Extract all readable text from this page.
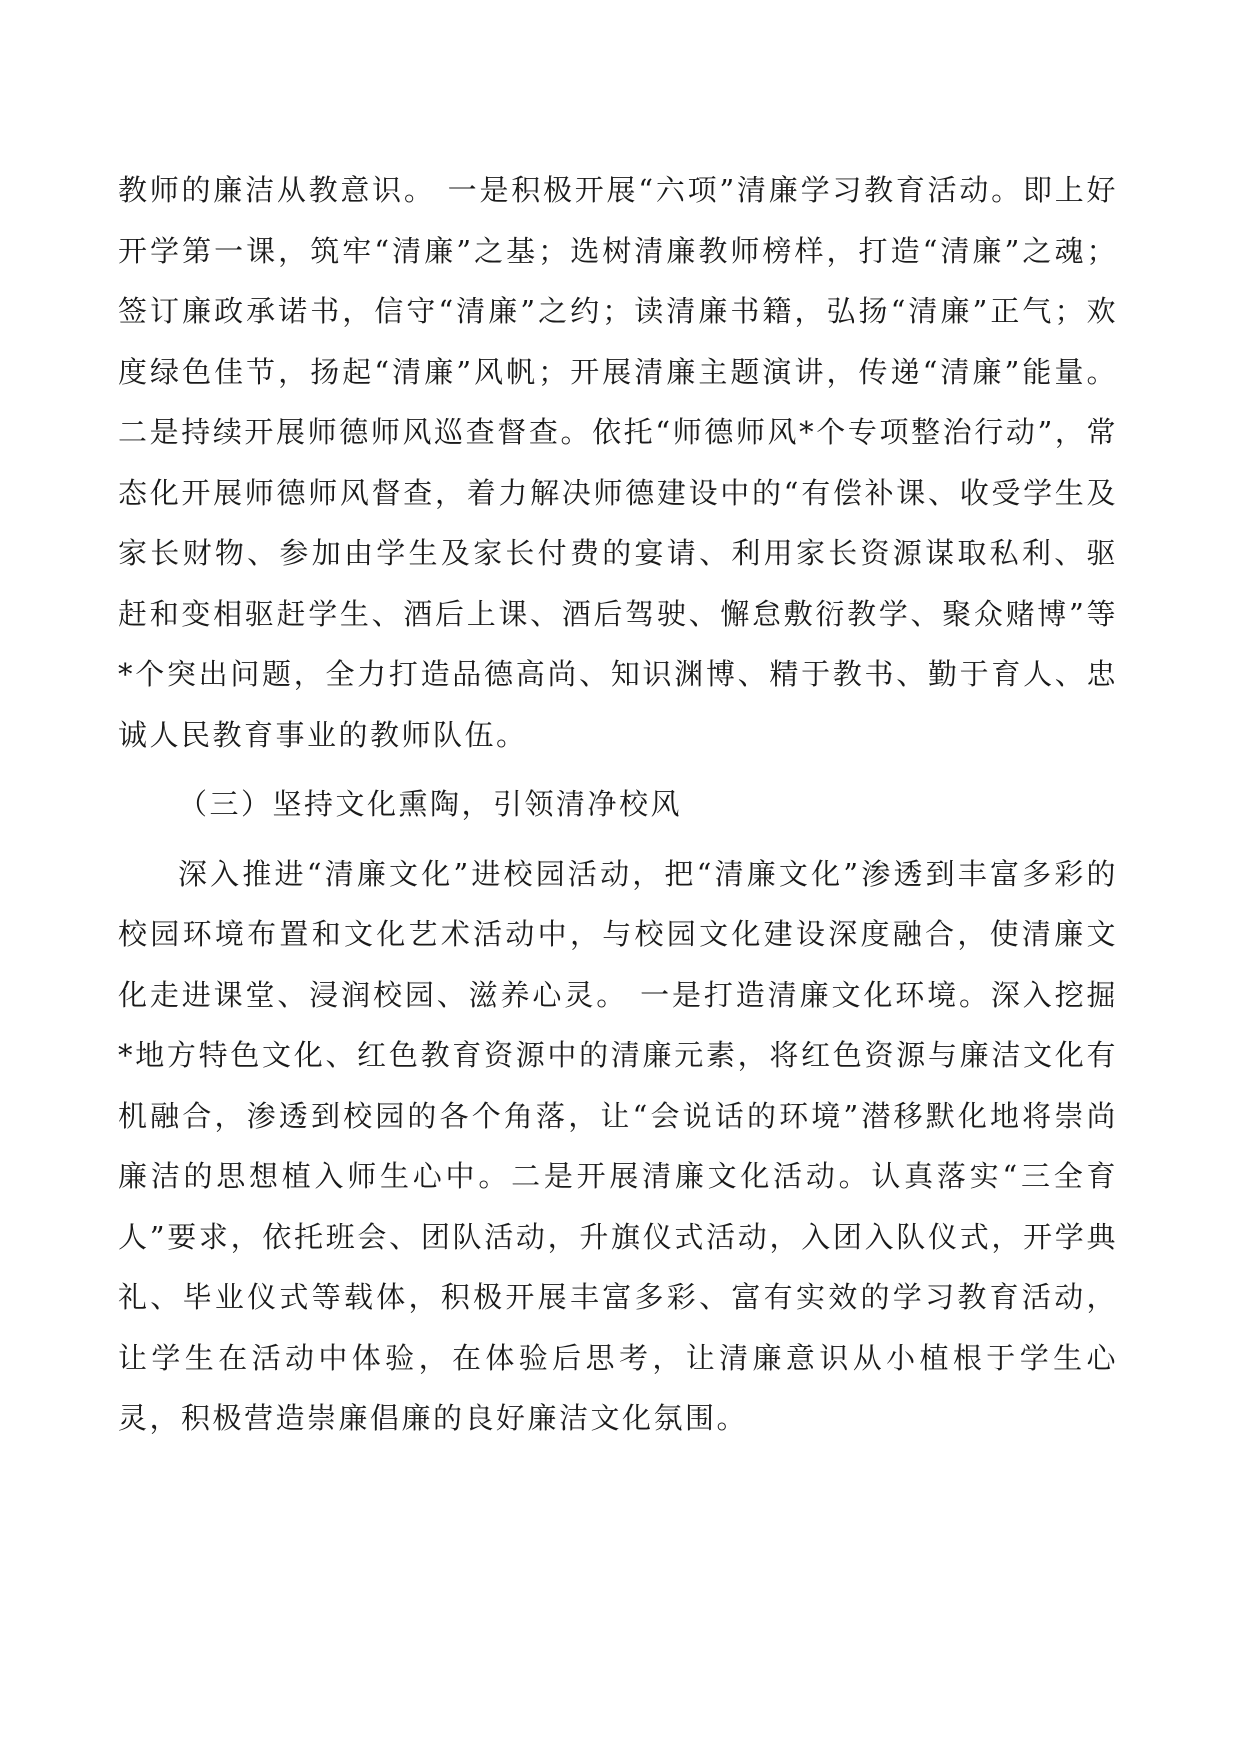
教师的廉洁从教意识。 一是积极开展“六项”清廉学习教育活动。即上好开学第一课，筑牢“清廉”之基；选树清廉教师榜样，打造“清廉”之魂；签订廉政承诺书，信守“清廉”之约；读清廉书籍，弘扬“清廉”正气；欢度绿色佳节，扬起“清廉”风帆；开展清廉主题演讲，传递“清廉”能量。二是持续开展师德师风巡查督查。依托“师德师风*个专项整治行动”，常态化开展师德师风督查，着力解决师德建设中的“有偿补课、收受学生及家长财物、参加由学生及家长付费的宴请、利用家长资源谋取私利、驱赶和变相驱赶学生、酒后上课、酒后驾驶、懈怠敷衍教学、聚众赌博”等*个突出问题，全力打造品德高尚、知识渊博、精于教书、勤于育人、忠诚人民教育事业的教师队伍。

（三）坚持文化熏陶，引领清净校风

深入推进“清廉文化”进校园活动，把“清廉文化”渗透到丰富多彩的校园环境布置和文化艺术活动中，与校园文化建设深度融合，使清廉文化走进课堂、浸润校园、滋养心灵。 一是打造清廉文化环境。深入挖掘*地方特色文化、红色教育资源中的清廉元素，将红色资源与廉洁文化有机融合，渗透到校园的各个角落，让“会说话的环境”潜移默化地将崇尚廉洁的思想植入师生心中。二是开展清廉文化活动。认真落实“三全育人”要求，依托班会、团队活动，升旗仪式活动，入团入队仪式，开学典礼、毕业仪式等载体，积极开展丰富多彩、富有实效的学习教育活动，让学生在活动中体验，在体验后思考，让清廉意识从小植根于学生心灵，积极营造崇廉倡廉的良好廉洁文化氛围。
